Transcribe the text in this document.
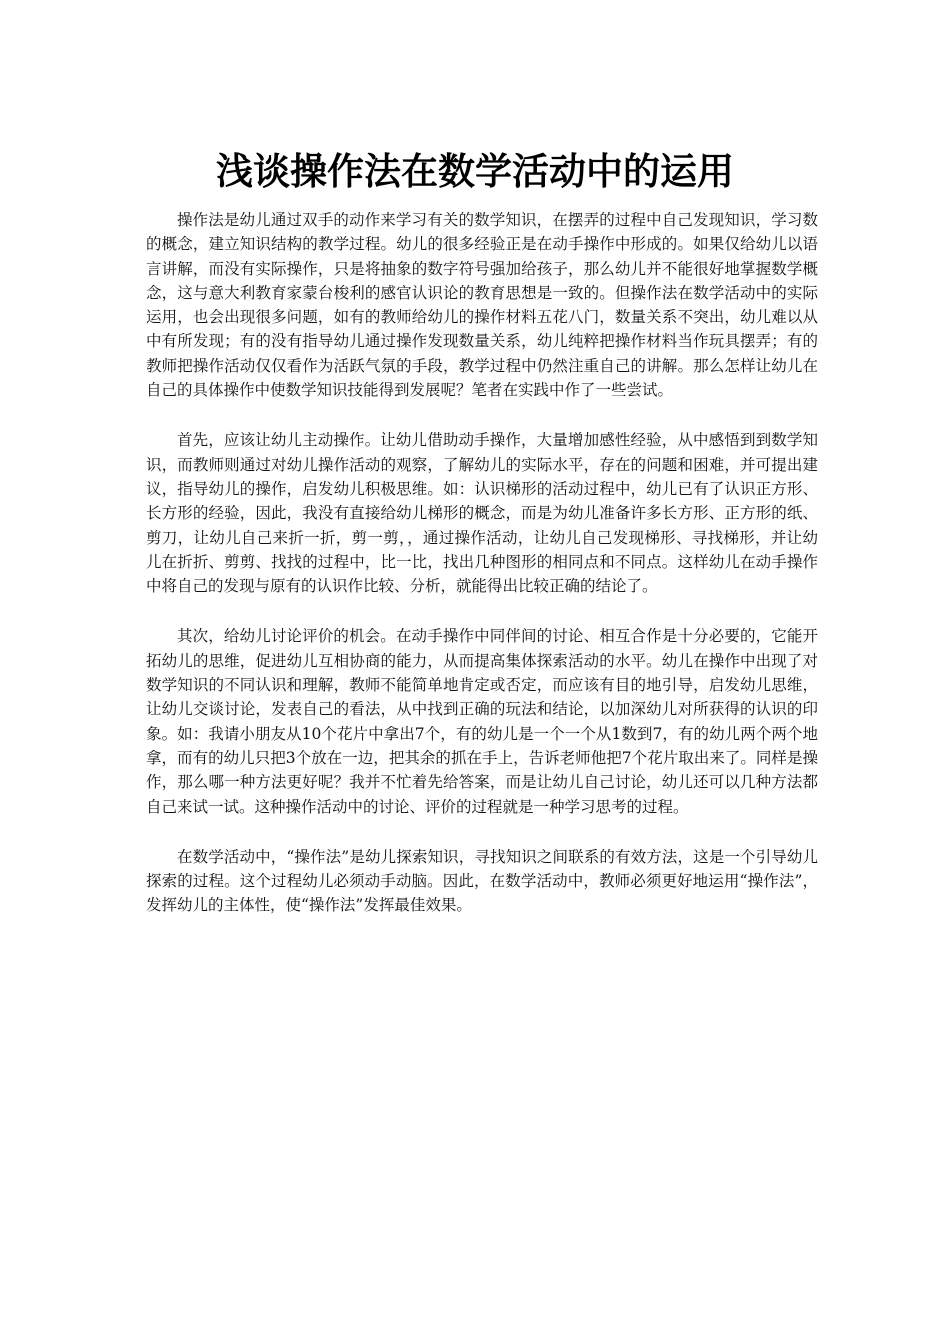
浅谈操作法在数学活动中的运用

操作法是幼儿通过双手的动作来学习有关的数学知识，在摆弄的过程中自己发现知识，学习数的概念，建立知识结构的教学过程。幼儿的很多经验正是在动手操作中形成的。如果仅给幼儿以语言讲解，而没有实际操作，只是将抽象的数字符号强加给孩子，那么幼儿并不能很好地掌握数学概念，这与意大利教育家蒙台梭利的感官认识论的教育思想是一致的。但操作法在数学活动中的实际运用，也会出现很多问题，如有的教师给幼儿的操作材料五花八门，数量关系不突出，幼儿难以从中有所发现；有的没有指导幼儿通过操作发现数量关系，幼儿纯粹把操作材料当作玩具摆弄；有的教师把操作活动仅仅看作为活跃气氛的手段，教学过程中仍然注重自己的讲解。那么怎样让幼儿在自己的具体操作中使数学知识技能得到发展呢？笔者在实践中作了一些尝试。

首先，应该让幼儿主动操作。让幼儿借助动手操作，大量增加感性经验，从中感悟到到数学知识，而教师则通过对幼儿操作活动的观察，了解幼儿的实际水平，存在的问题和困难，并可提出建议，指导幼儿的操作，启发幼儿积极思维。如：认识梯形的活动过程中，幼儿已有了认识正方形、长方形的经验，因此，我没有直接给幼儿梯形的概念，而是为幼儿准备许多长方形、正方形的纸、剪刀，让幼儿自己来折一折，剪一剪，，通过操作活动，让幼儿自己发现梯形、寻找梯形，并让幼儿在折折、剪剪、找找的过程中，比一比，找出几种图形的相同点和不同点。这样幼儿在动手操作中将自己的发现与原有的认识作比较、分析，就能得出比较正确的结论了。

其次，给幼儿讨论评价的机会。在动手操作中同伴间的讨论、相互合作是十分必要的，它能开拓幼儿的思维，促进幼儿互相协商的能力，从而提高集体探索活动的水平。幼儿在操作中出现了对数学知识的不同认识和理解，教师不能简单地肯定或否定，而应该有目的地引导，启发幼儿思维，让幼儿交谈讨论，发表自己的看法，从中找到正确的玩法和结论，以加深幼儿对所获得的认识的印象。如：我请小朋友从10个花片中拿出7个，有的幼儿是一个一个从1数到7，有的幼儿两个两个地拿，而有的幼儿只把3个放在一边，把其余的抓在手上，告诉老师他把7个花片取出来了。同样是操作，那么哪一种方法更好呢？我并不忙着先给答案，而是让幼儿自己讨论，幼儿还可以几种方法都自己来试一试。这种操作活动中的讨论、评价的过程就是一种学习思考的过程。

在数学活动中，“操作法”是幼儿探索知识，寻找知识之间联系的有效方法，这是一个引导幼儿探索的过程。这个过程幼儿必须动手动脑。因此，在数学活动中，教师必须更好地运用“操作法”，发挥幼儿的主体性，使“操作法”发挥最佳效果。
